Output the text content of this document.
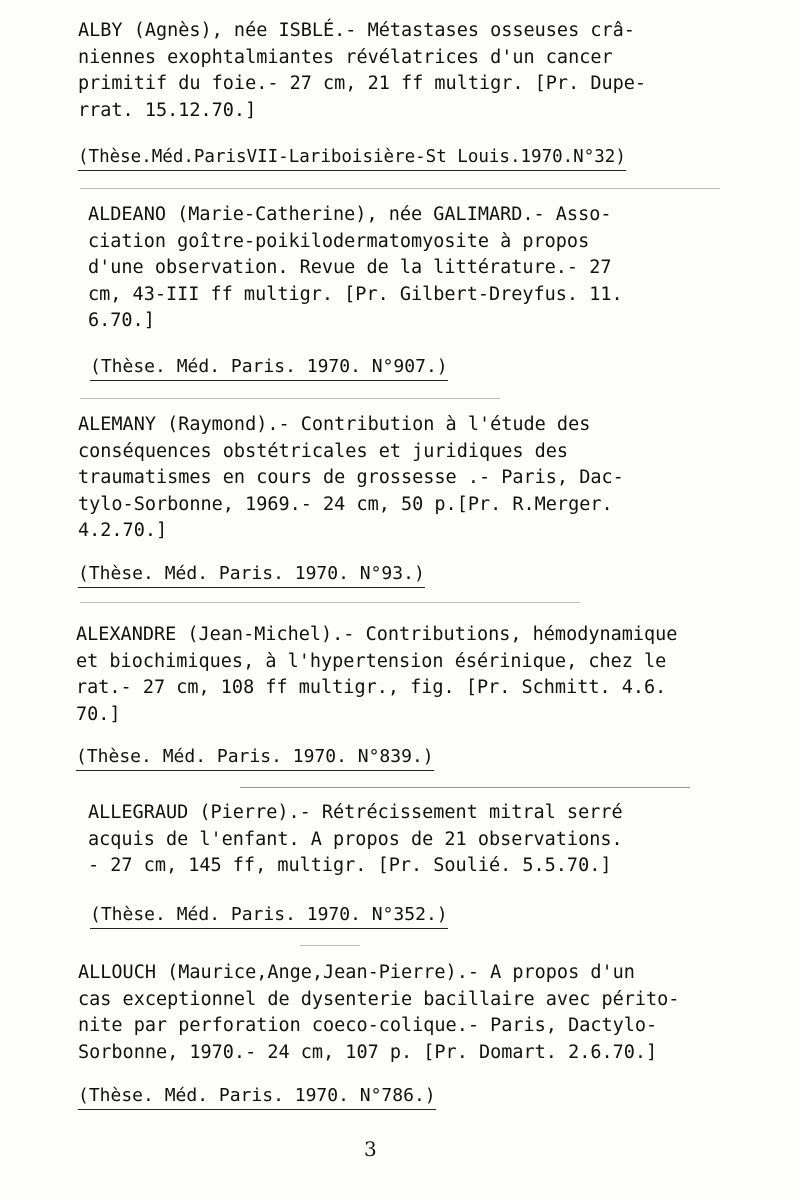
ALBY (Agnès), née ISBLÉ.- Métastases osseuses crâ-
niennes exophtalmiantes révélatrices d'un cancer
primitif du foie.- 27 cm, 21 ff multigr. [Pr. Dupe-
rrat. 15.12.70.]
(Thèse.Méd.ParisVII-Lariboisière-St Louis.1970.N°32)
ALDEANO (Marie-Catherine), née GALIMARD.- Asso-
ciation goître-poikilodermatomyosite à propos
d'une observation. Revue de la littérature.- 27
cm, 43-III ff multigr. [Pr. Gilbert-Dreyfus. 11.
6.70.]
(Thèse. Méd. Paris. 1970. N°907.)
ALEMANY (Raymond).- Contribution à l'étude des
conséquences obstétricales et juridiques des
traumatismes en cours de grossesse .- Paris, Dac-
tylo-Sorbonne, 1969.- 24 cm, 50 p.[Pr. R.Merger.
4.2.70.]
(Thèse. Méd. Paris. 1970. N°93.)
ALEXANDRE (Jean-Michel).- Contributions, hémodynamique
et biochimiques, à l'hypertension ésérinique, chez le
rat.- 27 cm, 108 ff multigr., fig. [Pr. Schmitt. 4.6.
70.]
(Thèse. Méd. Paris. 1970. N°839.)
ALLEGRAUD (Pierre).- Rétrécissement mitral serré
acquis de l'enfant. A propos de 21 observations.
- 27 cm, 145 ff, multigr. [Pr. Soulié. 5.5.70.]
(Thèse. Méd. Paris. 1970. N°352.)
ALLOUCH (Maurice,Ange,Jean-Pierre).- A propos d'un
cas exceptionnel de dysenterie bacillaire avec périto-
nite par perforation coeco-colique.- Paris, Dactylo-
Sorbonne, 1970.- 24 cm, 107 p. [Pr. Domart. 2.6.70.]
(Thèse. Méd. Paris. 1970. N°786.)
3
